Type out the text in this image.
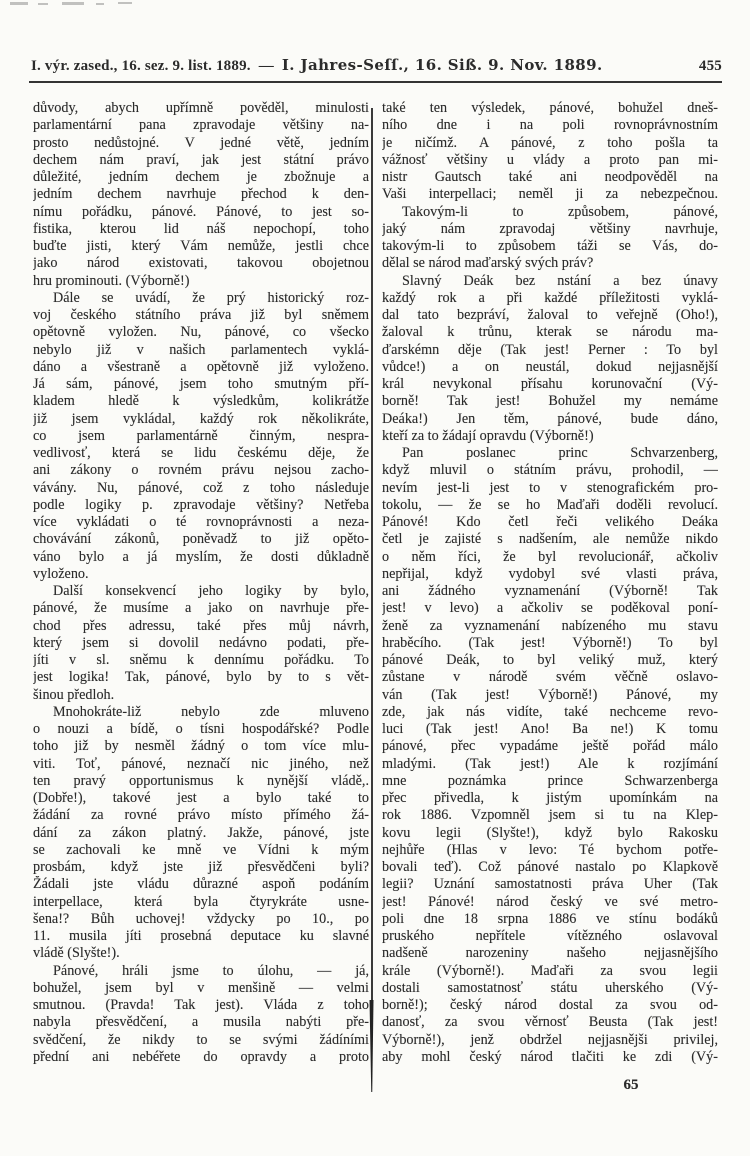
I. výr. zased., 16. sez. 9. list. 1889. — I. Jahres-Seſſ., 16. Siß. 9. Nov. 1889.	455
důvody, abych upřímně pověděl, minulosti
parlamentární pana zpravodaje většiny na-
prosto nedůstojné. V jedné větě, jedním
dechem nám praví, jak jest státní právo
důležité, jedním dechem je zbožnuje a
jedním dechem navrhuje přechod k den-
nímu pořádku, pánové. Pánové, to jest so-
fistika, kterou lid náš nepochopí, toho
buďte jisti, který Vám nemůže, jestli chce
jako národ existovati, takovou obojetnou
hru prominouti. (Výborně!)
Dále se uvádí, že prý historický roz-
voj českého státního práva již byl sněmem
opětovně vyložen. Nu, pánové, co všecko
nebylo již v našich parlamentech vyklá-
dáno a všestraně a opětovně již vyloženo.
Já sám, pánové, jsem toho smutným pří-
kladem hledě k výsledkům, kolikrátže
již jsem vykládal, každý rok několikráte,
co jsem parlamentárně činným, nespra-
vedlivosť, která se lidu českému děje, že
ani zákony o rovném právu nejsou zacho-
vávány. Nu, pánové, což z toho následuje
podle logiky p. zpravodaje většiny? Netřeba
více vykládati o té rovnoprávnosti a neza-
chovávání zákonů, poněvadž to již opěto-
váno bylo a já myslím, že dosti důkladně
vyloženo.
Další konsekvencí jeho logiky by bylo,
pánové, že musíme a jako on navrhuje pře-
chod přes adressu, také přes můj návrh,
který jsem si dovolil nedávno podati, pře-
jíti v sl. sněmu k dennímu pořádku. To
jest logika! Tak, pánové, bylo by to s vět-
šinou předloh.
Mnohokráte-liž nebylo zde mluveno
o nouzi a bídě, o tísni hospodářské? Podle
toho již by nesměl žádný o tom více mlu-
viti. Toť, pánové, neznačí nic jiného, než
ten pravý opportunismus k nynější vládě,.
(Dobře!), takové jest a bylo také to
žádání za rovné právo místo přímého žá-
dání za zákon platný. Jakže, pánové, jste
se zachovali ke mně ve Vídni k mým
prosbám, když jste již přesvědčeni byli?
Žádali jste vládu důrazné aspoň podáním
interpellace, která byla čtyrykráte usne-
šena!? Bůh uchovej! vždycky po 10., po
11. musila jíti prosebná deputace ku slavné
vládě (Slyšte!).
Pánové, hráli jsme to úlohu, — já,
bohužel, jsem byl v menšině — velmi
smutnou. (Pravda! Tak jest). Vláda z toho
nabyla přesvědčení, a musila nabýti pře-
svědčení, že nikdy to se svými žádíními
přední ani nebéřete do opravdy a proto
také ten výsledek, pánové, bohužel dneš-
ního dne i na poli rovnoprávnostním
je ničímž. A pánové, z toho pošla ta
vážnosť většiny u vlády a proto pan mi-
nistr Gautsch také ani neodpověděl na
Vaši interpellaci; neměl ji za nebezpečnou.
Takovým-li to způsobem, pánové,
jaký nám zpravodaj většiny navrhuje,
takovým-li to způsobem táži se Vás, do-
dělal se národ maďarský svých práv?
Slavný Deák bez nstání a bez únavy
každý rok a při každé příležitosti vyklá-
dal tato bezpráví, žaloval to veřejně (Oho!),
žaloval k trůnu, kterak se národu ma-
ďarskémn děje (Tak jest! Perner : To byl
vůdce!) a on neustál, dokud nejjasnější
král nevykonal přísahu korunovační (Vý-
borně! Tak jest! Bohužel my nemáme
Deáka!) Jen těm, pánové, bude dáno,
kteří za to žádají opravdu (Výborně!)
Pan poslanec princ Schvarzenberg,
když mluvil o státním právu, prohodil, —
nevím jest-li jest to v stenografickém pro-
tokolu, — že se ho Maďaři doděli revolucí.
Pánové! Kdo četl řeči velikého Deáka
četl je zajisté s nadšením, ale nemůže nikdo
o něm říci, že byl revolucionář, ačkoliv
nepřijal, když vydobyl své vlasti práva,
ani žádného vyznamenání (Výborně! Tak
jest! v levo) a ačkoliv se poděkoval poní-
ženě za vyznamenání nabízeného mu stavu
hraběcího. (Tak jest! Výborně!) To byl
pánové Deák, to byl veliký muž, který
zůstane v národě svém věčně oslavo-
ván (Tak jest! Výborně!) Pánové, my
zde, jak nás vidíte, také nechceme revo-
luci (Tak jest! Ano! Ba ne!) K tomu
pánové, přec vypadáme ještě pořád málo
mladými. (Tak jest!) Ale k rozjímání
mne poznámka prince Schwarzenberga
přec přivedla, k jistým upomínkám na
rok 1886. Vzpomněl jsem si tu na Klep-
kovu legii (Slyšte!), když bylo Rakosku
nejhůře (Hlas v levo: Té bychom potře-
bovali teď). Což pánové nastalo po Klapkově
legii? Uznání samostatnosti práva Uher (Tak
jest! Pánové! národ český ve své metro-
poli dne 18 srpna 1886 ve stínu bodáků
pruského nepřítele vítězného oslavoval
nadšeně narozeniny našeho nejjasnějšího
krále (Výborně!). Maďaři za svou legii
dostali samostatnosť státu uherského (Vý-
borně!); český národ dostal za svou od-
danosť, za svou věrnosť Beusta (Tak jest!
Výborně!), jenž obdržel nejjasnějši privilej,
aby mohl český národ tlačiti ke zdi (Vý-
65
